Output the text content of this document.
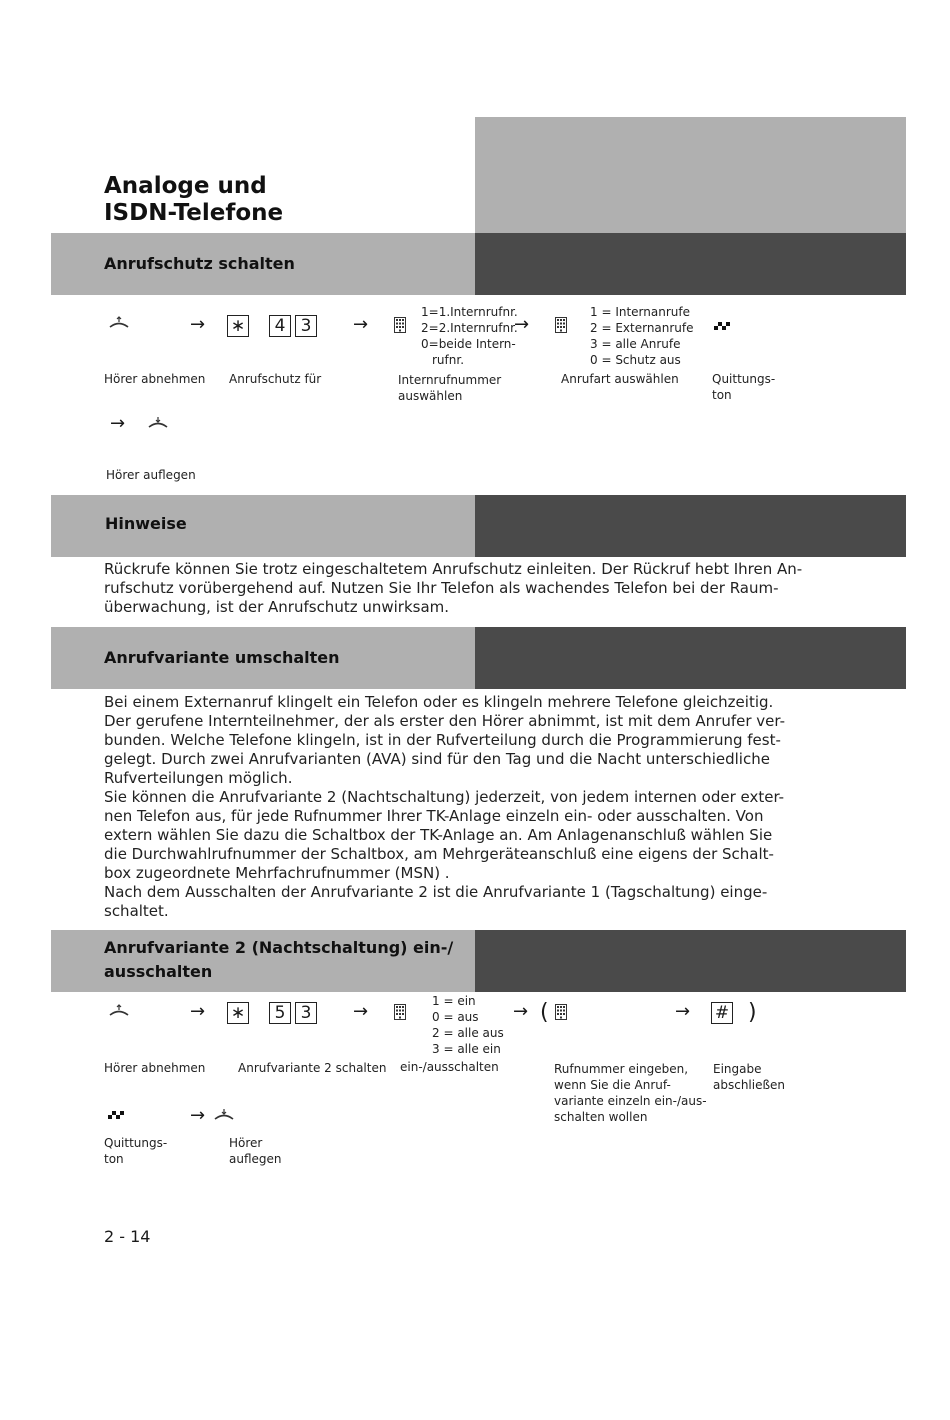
Analoge und
ISDN-Telefone
Anrufschutz schalten
→ ∗	4 3	→
1=1.Internrufnr.
2=2.Internrufnr.
0=beide Intern-
rufnr.
→
1 = Internanrufe
2 = Externanrufe
3 = alle Anrufe
0 = Schutz aus
Hörer abnehmen Anrufschutz für	Internrufnummer
auswählen
Anrufart auswählen	Quittungs-
ton
→
Hörer auflegen
Hinweise
Rückrufe können Sie trotz eingeschaltetem Anrufschutz einleiten. Der Rückruf hebt Ihren An-
rufschutz vorübergehend auf. Nutzen Sie Ihr Telefon als wachendes Telefon bei der Raum-
überwachung, ist der Anrufschutz unwirksam.
Anrufvariante umschalten
Bei einem Externanruf klingelt ein Telefon oder es klingeln mehrere Telefone gleichzeitig.
Der gerufene Internteilnehmer, der als erster den Hörer abnimmt, ist mit dem Anrufer ver-
bunden. Welche Telefone klingeln, ist in der Rufverteilung durch die Programmierung fest-
gelegt. Durch zwei Anrufvarianten (AVA) sind für den Tag und die Nacht unterschiedliche
Rufverteilungen möglich.
Sie können die Anrufvariante 2 (Nachtschaltung) jederzeit, von jedem internen oder exter-
nen Telefon aus, für jede Rufnummer Ihrer TK-Anlage einzeln ein- oder ausschalten. Von
extern wählen Sie dazu die Schaltbox der TK-Anlage an. Am Anlagenanschluß wählen Sie
die Durchwahlrufnummer der Schaltbox, am Mehrgeräteanschluß eine eigens der Schalt-
box zugeordnete Mehrfachrufnummer (MSN) .
Nach dem Ausschalten der Anrufvariante 2 ist die Anrufvariante 1 (Tagschaltung) einge-
schaltet.
Anrufvariante 2 (Nachtschaltung) ein-/
ausschalten
→ ∗	5 3	→	1 = ein
0 = aus
2 = alle aus
3 = alle ein
→ (	→ # )
Hörer abnehmen	Anrufvariante 2 schalten ein-/ausschalten	Rufnummer eingeben,
wenn Sie die Anruf-
variante einzeln ein-/aus-
schalten wollen
Eingabe
abschließen
→
Quittungs-
ton
Hörer
auflegen
2 - 14
